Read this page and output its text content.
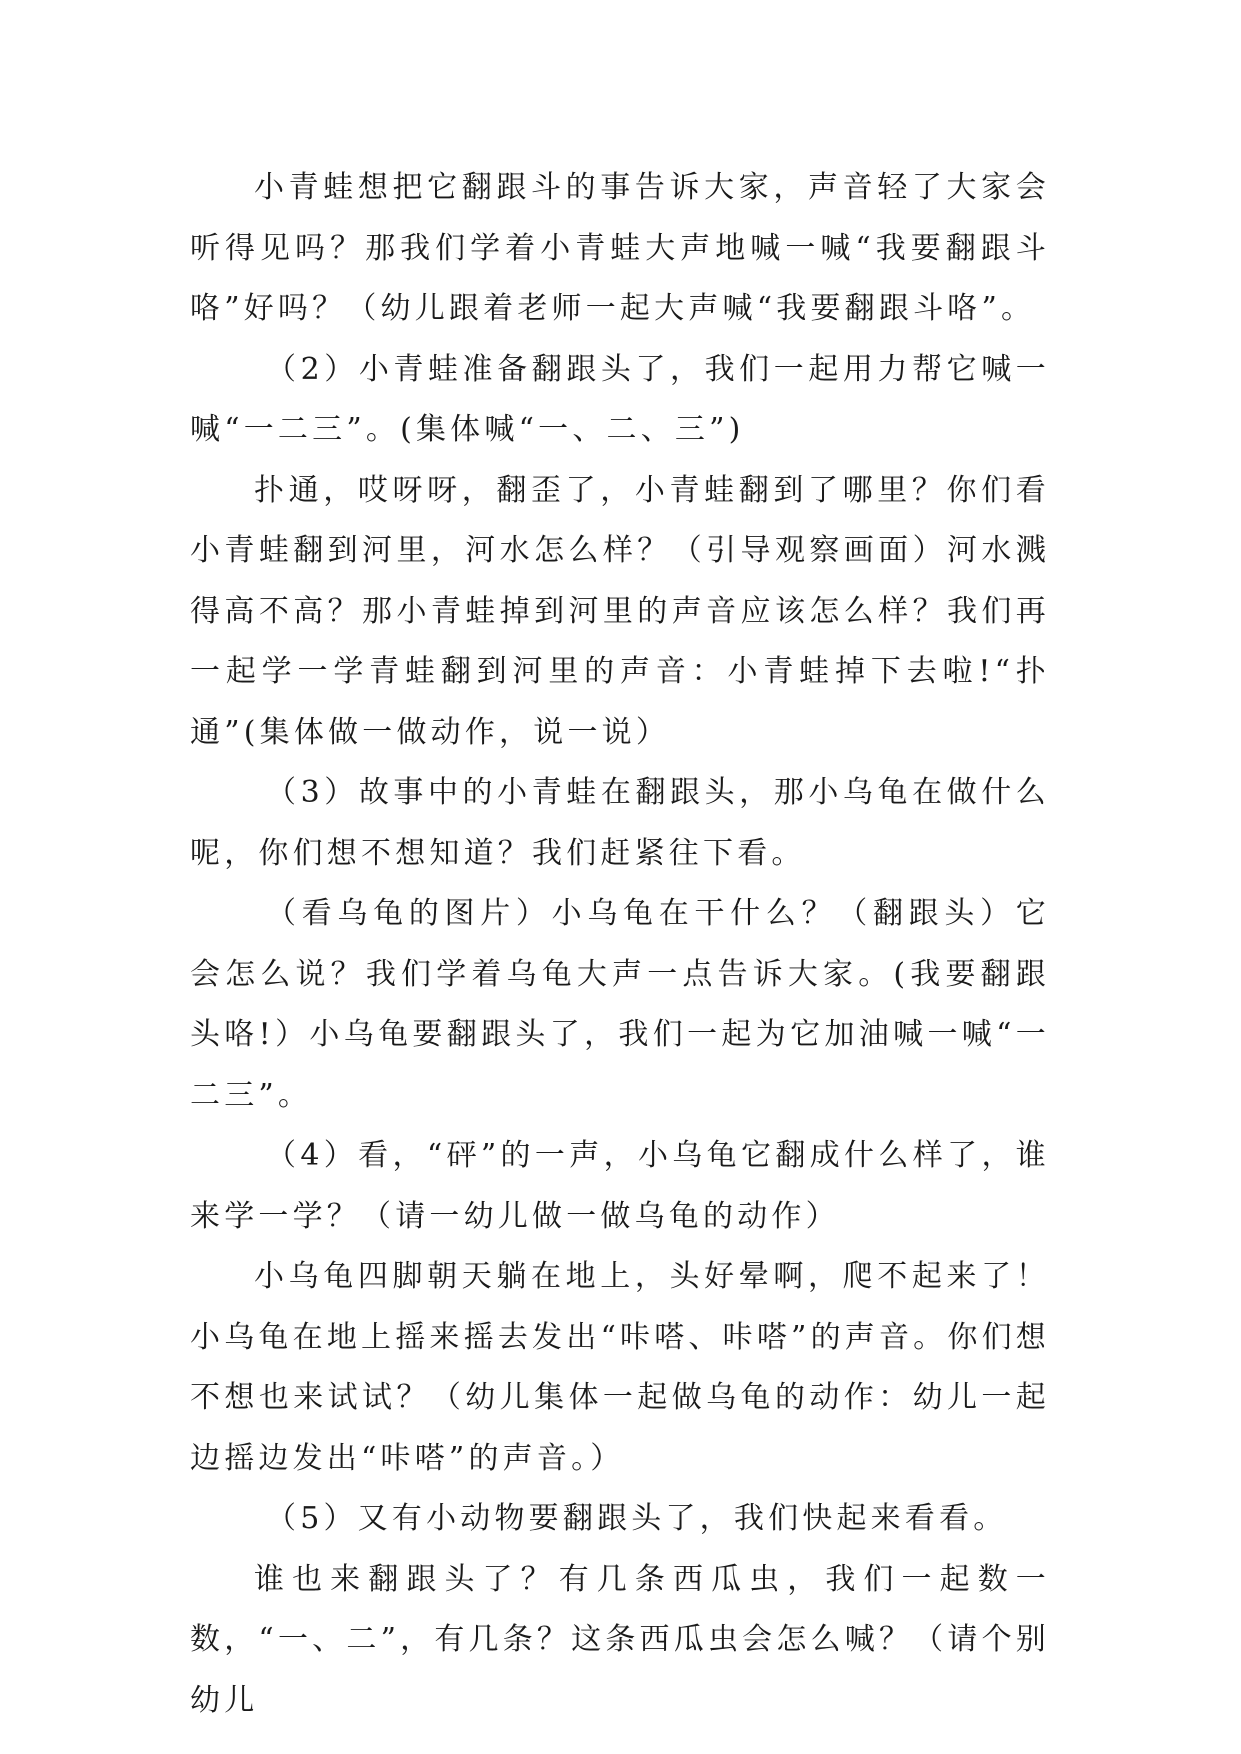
小青蛙想把它翻跟斗的事告诉大家，声音轻了大家会听得见吗？那我们学着小青蛙大声地喊一喊“我要翻跟斗咯”好吗？（幼儿跟着老师一起大声喊“我要翻跟斗咯”。

（2）小青蛙准备翻跟头了，我们一起用力帮它喊一喊“一二三”。(集体喊“一、二、三”)

扑通，哎呀呀，翻歪了，小青蛙翻到了哪里？你们看小青蛙翻到河里，河水怎么样？（引导观察画面）河水溅得高不高？那小青蛙掉到河里的声音应该怎么样？我们再一起学一学青蛙翻到河里的声音：小青蛙掉下去啦!“扑通”(集体做一做动作，说一说）

（3）故事中的小青蛙在翻跟头，那小乌龟在做什么呢，你们想不想知道？我们赶紧往下看。

（看乌龟的图片）小乌龟在干什么？（翻跟头）它会怎么说？我们学着乌龟大声一点告诉大家。(我要翻跟头咯!）小乌龟要翻跟头了，我们一起为它加油喊一喊“一二三”。

（4）看，“砰”的一声，小乌龟它翻成什么样了，谁来学一学？（请一幼儿做一做乌龟的动作）

小乌龟四脚朝天躺在地上，头好晕啊，爬不起来了！小乌龟在地上摇来摇去发出“咔嗒、咔嗒”的声音。你们想不想也来试试？（幼儿集体一起做乌龟的动作：幼儿一起边摇边发出“咔嗒”的声音。）

（5）又有小动物要翻跟头了，我们快起来看看。

谁也来翻跟头了？有几条西瓜虫，我们一起数一数，“一、二”，有几条？这条西瓜虫会怎么喊？（请个别幼儿
